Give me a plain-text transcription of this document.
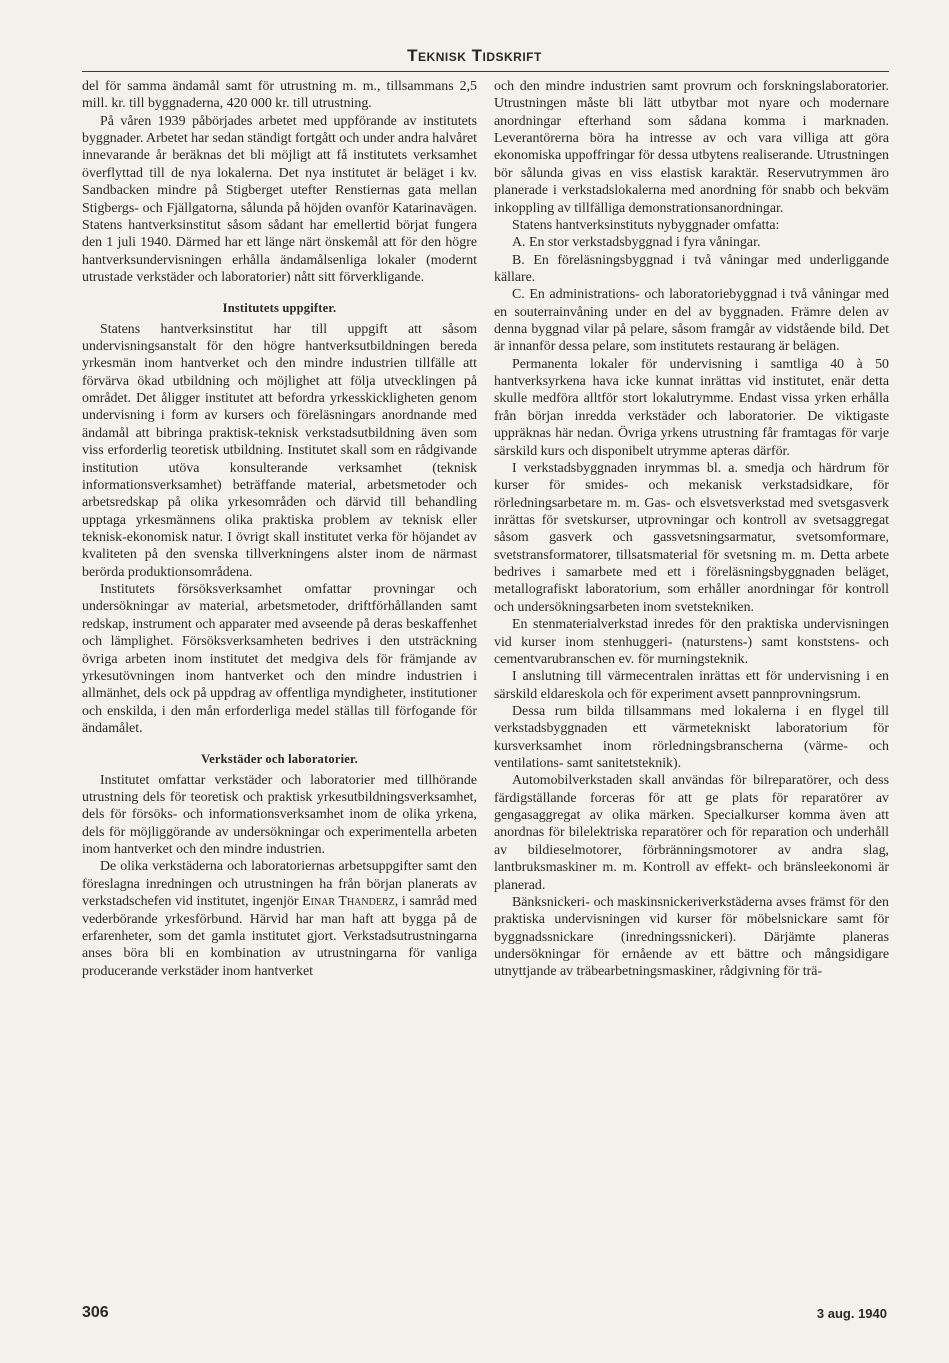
Teknisk Tidskrift

del för samma ändamål samt för utrustning m. m., tillsammans 2,5 mill. kr. till byggnaderna, 420 000 kr. till utrustning.

På våren 1939 påbörjades arbetet med uppförande av institutets byggnader. Arbetet har sedan ständigt fortgått och under andra halvåret innevarande år beräknas det bli möjligt att få institutets verksamhet överflyttad till de nya lokalerna. Det nya institutet är beläget i kv. Sandbacken mindre på Stigberget utefter Renstiernas gata mellan Stigbergs- och Fjällgatorna, sålunda på höjden ovanför Katarinavägen. Statens hantverksinstitut såsom sådant har emellertid börjat fungera den 1 juli 1940. Därmed har ett länge närt önskemål att för den högre hantverksundervisningen erhålla ändamålsenliga lokaler (modernt utrustade verkstäder och laboratorier) nått sitt förverkligande.

Institutets uppgifter.

Statens hantverksinstitut har till uppgift att såsom undervisningsanstalt för den högre hantverksutbildningen bereda yrkesmän inom hantverket och den mindre industrien tillfälle att förvärva ökad utbildning och möjlighet att följa utvecklingen på området. Det åligger institutet att befordra yrkesskickligheten genom undervisning i form av kursers och föreläsningars anordnande med ändamål att bibringa praktisk-teknisk verkstadsutbildning även som viss erforderlig teoretisk utbildning. Institutet skall som en rådgivande institution utöva konsulterande verksamhet (teknisk informationsverksamhet) beträffande material, arbetsmetoder och arbetsredskap på olika yrkesområden och därvid till behandling upptaga yrkesmännens olika praktiska problem av teknisk eller teknisk-ekonomisk natur. I övrigt skall institutet verka för höjandet av kvaliteten på den svenska tillverkningens alster inom de närmast berörda produktionsområdena.

Institutets försöksverksamhet omfattar provningar och undersökningar av material, arbetsmetoder, driftförhållanden samt redskap, instrument och apparater med avseende på deras beskaffenhet och lämplighet. Försöksverksamheten bedrives i den utsträckning övriga arbeten inom institutet det medgiva dels för främjande av yrkesutövningen inom hantverket och den mindre industrien i allmänhet, dels ock på uppdrag av offentliga myndigheter, institutioner och enskilda, i den mån erforderliga medel ställas till förfogande för ändamålet.

Verkstäder och laboratorier.

Institutet omfattar verkstäder och laboratorier med tillhörande utrustning dels för teoretisk och praktisk yrkesutbildningsverksamhet, dels för försöks- och informationsverksamhet inom de olika yrkena, dels för möjliggörande av undersökningar och experimentella arbeten inom hantverket och den mindre industrien.

De olika verkstäderna och laboratoriernas arbetsuppgifter samt den föreslagna inredningen och utrustningen ha från början planerats av verkstadschefen vid institutet, ingenjör Einar Thanderz, i samråd med vederbörande yrkesförbund. Härvid har man haft att bygga på de erfarenheter, som det gamla institutet gjort. Verkstadsutrustningarna anses böra bli en kombination av utrustningarna för vanliga producerande verkstäder inom hantverket

och den mindre industrien samt provrum och forskningslaboratorier. Utrustningen måste bli lätt utbytbar mot nyare och modernare anordningar efterhand som sådana komma i marknaden. Leverantörerna böra ha intresse av och vara villiga att göra ekonomiska uppoffringar för dessa utbytens realiserande. Utrustningen bör sålunda givas en viss elastisk karaktär. Reservutrymmen äro planerade i verkstadslokalerna med anordning för snabb och bekväm inkoppling av tillfälliga demonstrationsanordningar.

Statens hantverksinstituts nybyggnader omfatta:

A. En stor verkstadsbyggnad i fyra våningar.

B. En föreläsningsbyggnad i två våningar med underliggande källare.

C. En administrations- och laboratoriebyggnad i två våningar med en souterrainvåning under en del av byggnaden. Främre delen av denna byggnad vilar på pelare, såsom framgår av vidstående bild. Det är innanför dessa pelare, som institutets restaurang är belägen.

Permanenta lokaler för undervisning i samtliga 40 à 50 hantverksyrkena hava icke kunnat inrättas vid institutet, enär detta skulle medföra alltför stort lokalutrymme. Endast vissa yrken erhålla från början inredda verkstäder och laboratorier. De viktigaste uppräknas här nedan. Övriga yrkens utrustning får framtagas för varje särskild kurs och disponibelt utrymme apteras därför.

I verkstadsbyggnaden inrymmas bl. a. smedja och härdrum för kurser för smides- och mekanisk verkstadsidkare, för rörledningsarbetare m. m. Gas- och elsvetsverkstad med svetsgasverk inrättas för svetskurser, utprovningar och kontroll av svetsaggregat såsom gasverk och gassvetsningsarmatur, svetsomformare, svetstransformatorer, tillsatsmaterial för svetsning m. m. Detta arbete bedrives i samarbete med ett i föreläsningsbyggnaden beläget, metallografiskt laboratorium, som erhåller anordningar för kontroll och undersökningsarbeten inom svetstekniken.

En stenmaterialverkstad inredes för den praktiska undervisningen vid kurser inom stenhuggeri- (naturstens-) samt konststens- och cementvarubranschen ev. för murningsteknik.

I anslutning till värmecentralen inrättas ett för undervisning i en särskild eldareskola och för experiment avsett pannprovningsrum.

Dessa rum bilda tillsammans med lokalerna i en flygel till verkstadsbyggnaden ett värmetekniskt laboratorium för kursverksamhet inom rörledningsbranscherna (värme- och ventilations- samt sanitetsteknik).

Automobilverkstaden skall användas för bilreparatörer, och dess färdigställande forceras för att ge plats för reparatörer av gengasaggregat av olika märken. Specialkurser komma även att anordnas för bilelektriska reparatörer och för reparation och underhåll av bildieselmotorer, förbränningsmotorer av andra slag, lantbruksmaskiner m. m. Kontroll av effekt- och bränsleekonomi är planerad.

Bänksnickeri- och maskinsnickeriverkstäderna avses främst för den praktiska undervisningen vid kurser för möbelsnickare samt för byggnadssnickare (inredningssnickeri). Därjämte planeras undersökningar för ernående av ett bättre och mångsidigare utnyttjande av träbearbetningsmaskiner, rådgivning för trä-

306	3 aug. 1940
